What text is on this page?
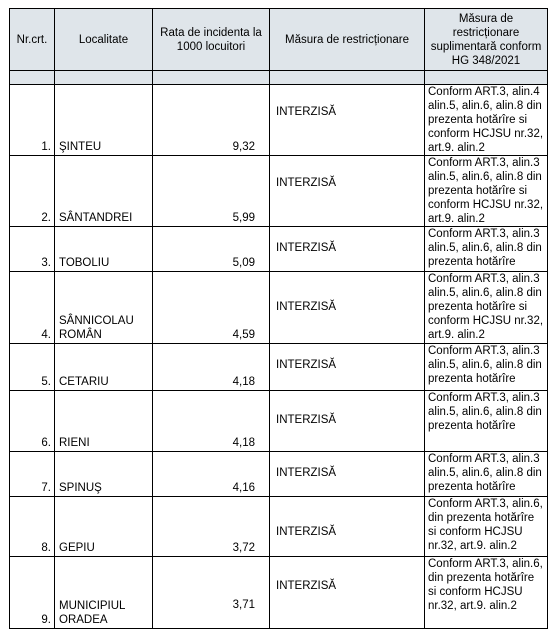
Nr.crt.	Localitate	Rata de incidenta la 1000 locuitori	Măsura de restricționare	Măsura de restricționare suplimentară conform HG 348/2021

1.	ŞINTEU	9,32	INTERZISĂ	Conform ART.3, alin.4 alin.5, alin.6, alin.8 din prezenta hotărîre si conform HCJSU nr.32, art.9. alin.2
2.	SÂNTANDREI	5,99	INTERZISĂ	Conform ART.3, alin.3 alin.5, alin.6, alin.8 din prezenta hotărîre si conform HCJSU nr.32, art.9. alin.2
3.	TOBOLIU	5,09	INTERZISĂ	Conform ART.3, alin.3 alin.5, alin.6, alin.8 din prezenta hotărîre
4.	SÂNNICOLAU ROMÂN	4,59	INTERZISĂ	Conform ART.3, alin.3 alin.5, alin.6, alin.8 din prezenta hotărîre si conform HCJSU nr.32, art.9. alin.2
5.	CETARIU	4,18	INTERZISĂ	Conform ART.3, alin.3 alin.5, alin.6, alin.8 din prezenta hotărîre
6.	RIENI	4,18	INTERZISĂ	Conform ART.3, alin.3 alin.5, alin.6, alin.8 din prezenta hotărîre
7.	SPINUŞ	4,16	INTERZISĂ	Conform ART.3, alin.3 alin.5, alin.6, alin.8 din prezenta hotărîre
8.	GEPIU	3,72	INTERZISĂ	Conform ART.3, alin.6, din prezenta hotărîre si conform HCJSU nr.32, art.9. alin.2
9.	MUNICIPIUL ORADEA	3,71	INTERZISĂ	Conform ART.3, alin.6, din prezenta hotărîre si conform HCJSU nr.32, art.9. alin.2
